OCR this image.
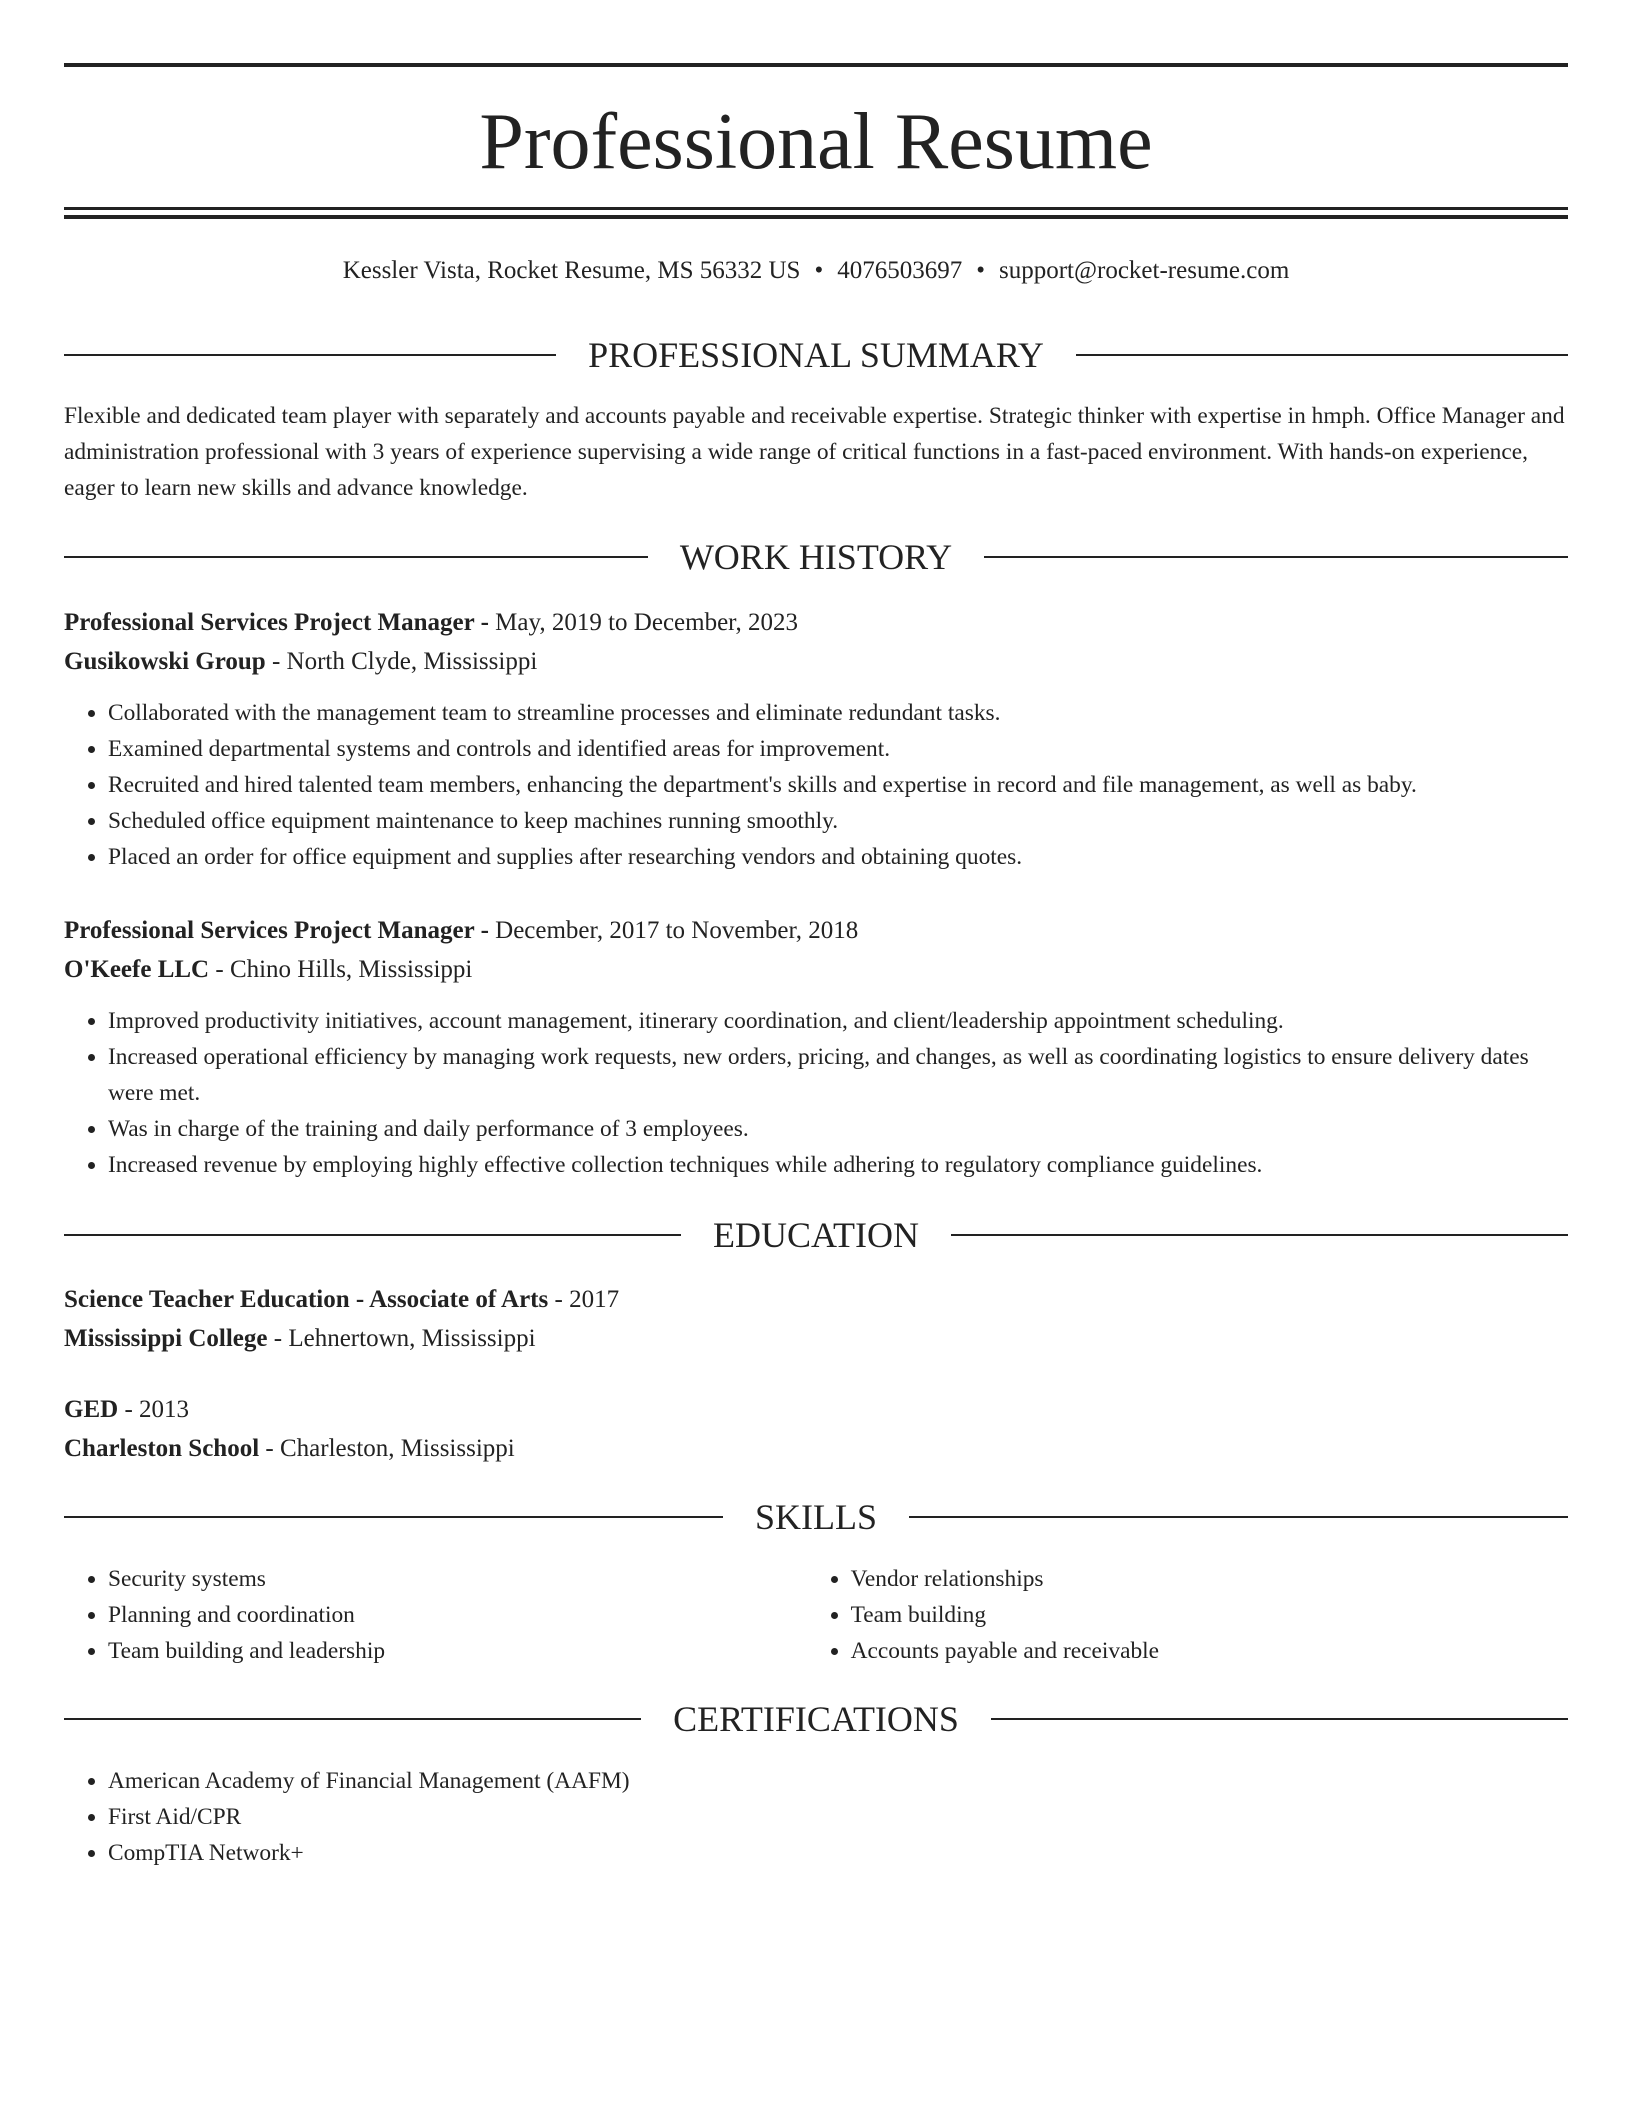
Professional Resume
Kessler Vista, Rocket Resume, MS 56332 US • 4076503697 • support@rocket-resume.com
PROFESSIONAL SUMMARY

Flexible and dedicated team player with separately and accounts payable and receivable expertise. Strategic thinker with expertise in hmph. Office Manager and administration professional with 3 years of experience supervising a wide range of critical functions in a fast-paced environment. With hands-on experience, eager to learn new skills and advance knowledge.

WORK HISTORY

Professional Services Project Manager - May, 2019 to December, 2023

Gusikowski Group - North Clyde, Mississippi

• Collaborated with the management team to streamline processes and eliminate redundant tasks.
• Examined departmental systems and controls and identified areas for improvement.
• Recruited and hired talented team members, enhancing the department's skills and expertise in record and file management, as well as baby.
• Scheduled office equipment maintenance to keep machines running smoothly.
• Placed an order for office equipment and supplies after researching vendors and obtaining quotes.

Professional Services Project Manager - December, 2017 to November, 2018

O'Keefe LLC - Chino Hills, Mississippi

• Improved productivity initiatives, account management, itinerary coordination, and client/leadership appointment scheduling.
• Increased operational efficiency by managing work requests, new orders, pricing, and changes, as well as coordinating logistics to ensure delivery dates were met.
• Was in charge of the training and daily performance of 3 employees.
• Increased revenue by employing highly effective collection techniques while adhering to regulatory compliance guidelines.
EDUCATION

Science Teacher Education - Associate of Arts - 2017

Mississippi College - Lehnertown, Mississippi

GED - 2013

Charleston School - Charleston, Mississippi

SKILLS
• Security systems
• Planning and coordination
• Team building and leadership
• Vendor relationships
• Team building
• Accounts payable and receivable
CERTIFICATIONS
• American Academy of Financial Management (AAFM)
• First Aid/CPR
• CompTIA Network+
